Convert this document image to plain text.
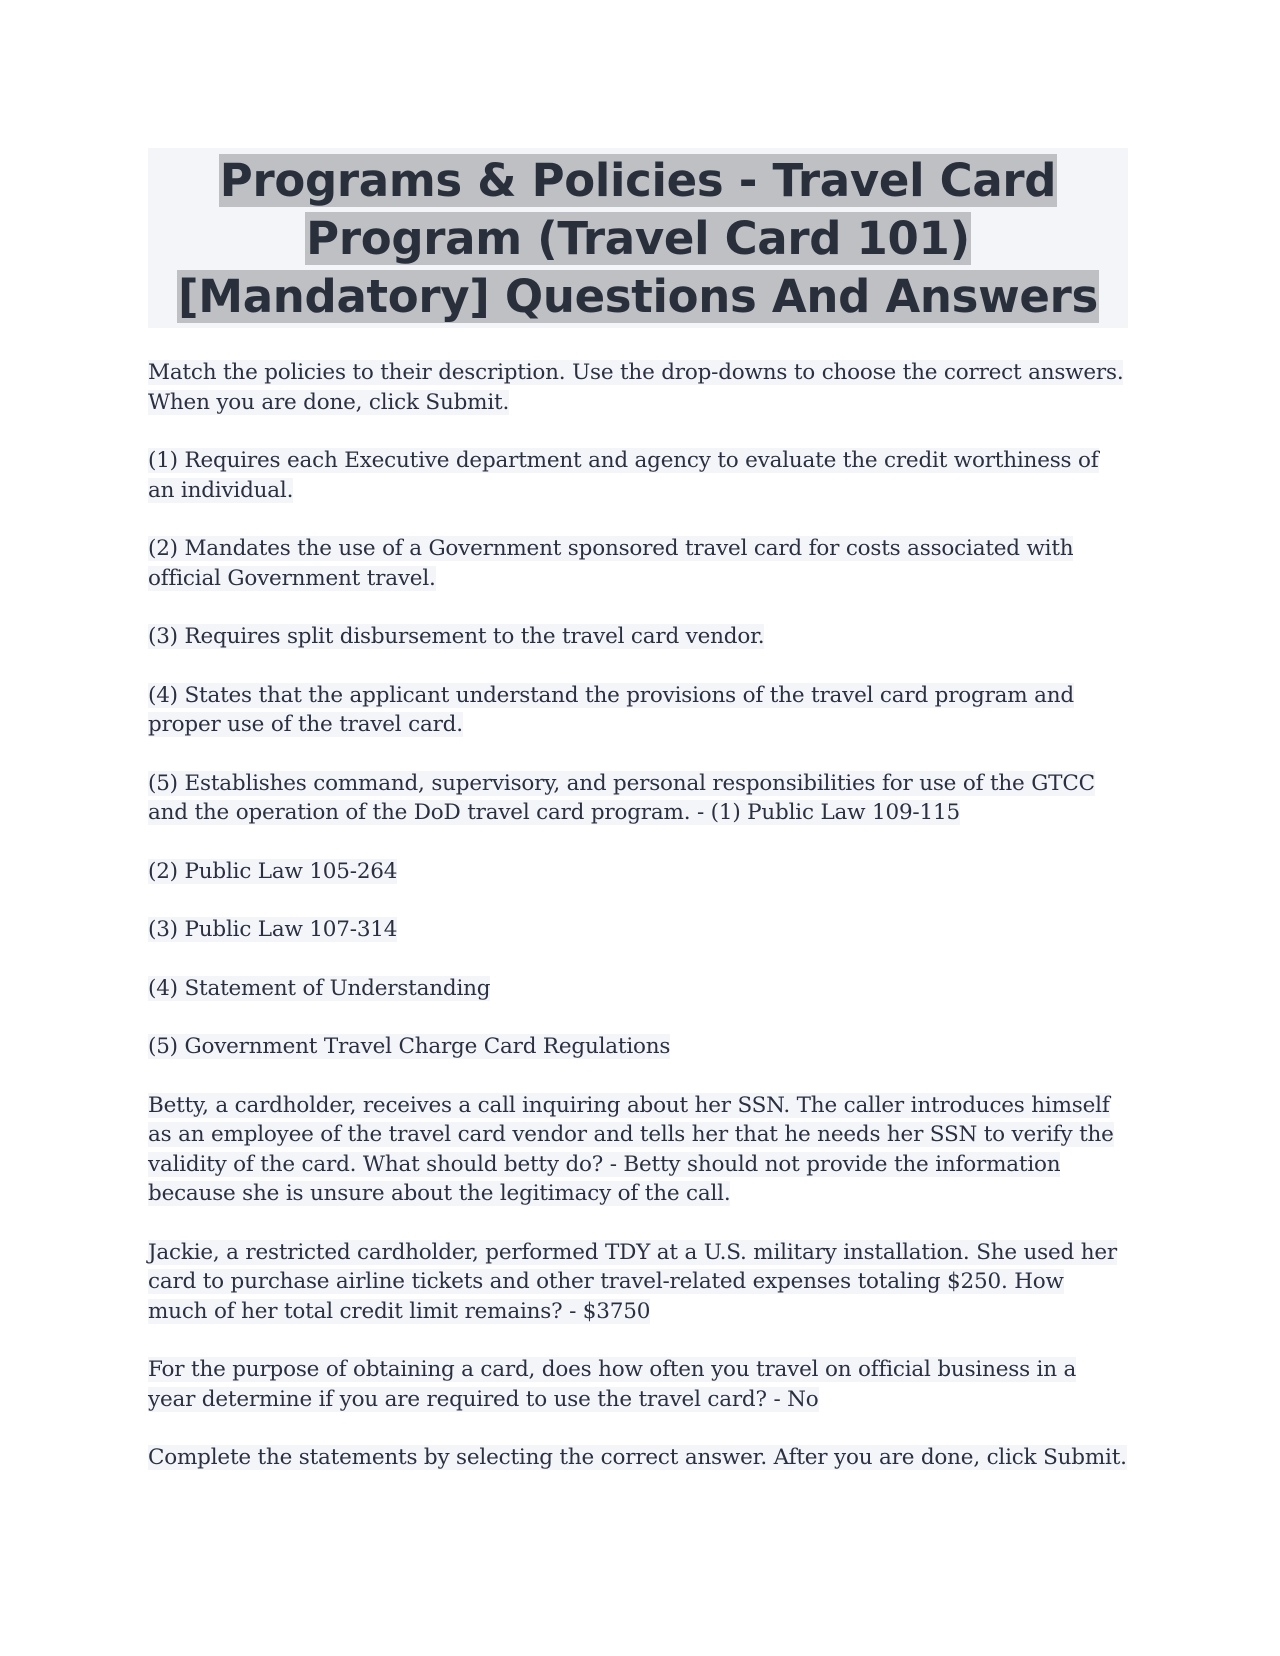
Programs & Policies - Travel Card Program (Travel Card 101) [Mandatory] Questions And Answers

Match the policies to their description. Use the drop-downs to choose the correct answers. When you are done, click Submit.

(1) Requires each Executive department and agency to evaluate the credit worthiness of an individual.

(2) Mandates the use of a Government sponsored travel card for costs associated with official Government travel.

(3) Requires split disbursement to the travel card vendor.

(4) States that the applicant understand the provisions of the travel card program and proper use of the travel card.

(5) Establishes command, supervisory, and personal responsibilities for use of the GTCC and the operation of the DoD travel card program. - (1) Public Law 109-115

(2) Public Law 105-264

(3) Public Law 107-314

(4) Statement of Understanding

(5) Government Travel Charge Card Regulations

Betty, a cardholder, receives a call inquiring about her SSN. The caller introduces himself as an employee of the travel card vendor and tells her that he needs her SSN to verify the validity of the card. What should betty do? - Betty should not provide the information because she is unsure about the legitimacy of the call.

Jackie, a restricted cardholder, performed TDY at a U.S. military installation. She used her card to purchase airline tickets and other travel-related expenses totaling $250. How much of her total credit limit remains? - $3750

For the purpose of obtaining a card, does how often you travel on official business in a year determine if you are required to use the travel card? - No

Complete the statements by selecting the correct answer. After you are done, click Submit.
